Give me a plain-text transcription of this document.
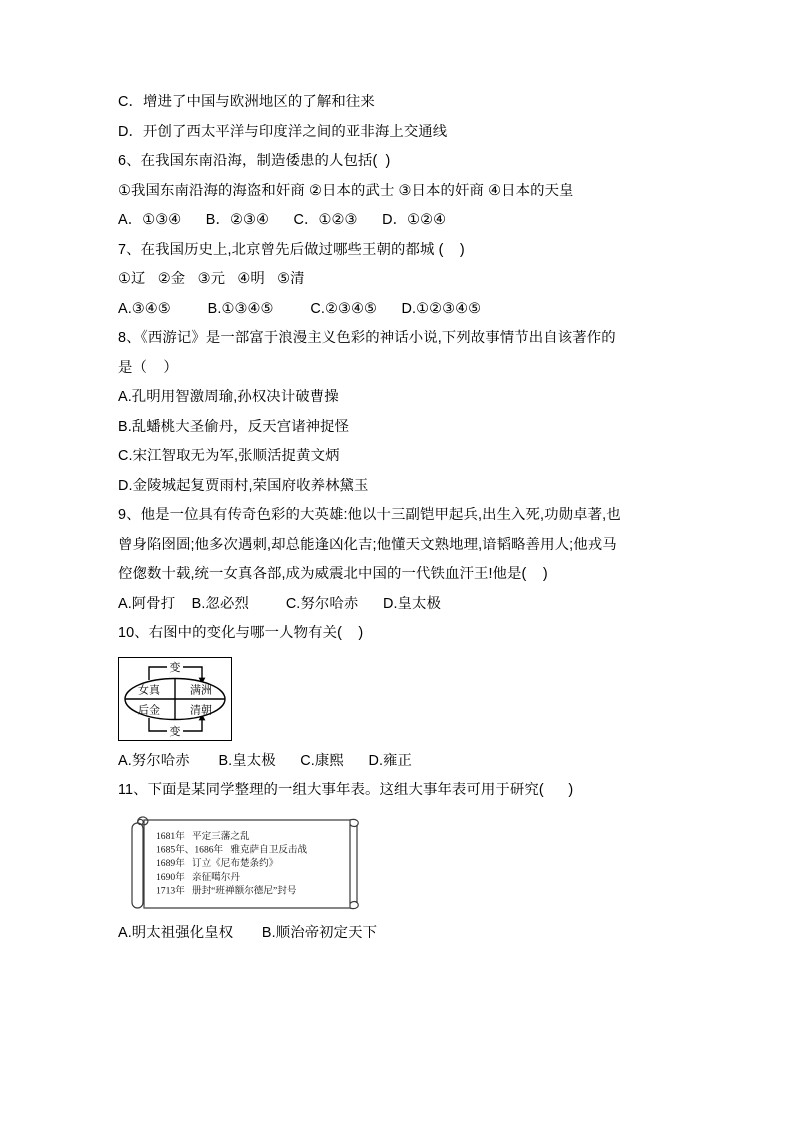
C．增进了中国与欧洲地区的了解和往来
D．开创了西太平洋与印度洋之间的亚非海上交通线
6、在我国东南沿海，制造倭患的人包括(  )
①我国东南沿海的海盗和奸商 ②日本的武士 ③日本的奸商 ④日本的天皇
A．①③④      B．②③④      C．①②③      D．①②④
7、在我国历史上,北京曾先后做过哪些王朝的都城 (    )
①辽   ②金   ③元   ④明   ⑤清
A.③④⑤         B.①③④⑤         C.②③④⑤      D.①②③④⑤
8、《西游记》是一部富于浪漫主义色彩的神话小说,下列故事情节出自该著作的
是（    ）
A.孔明用智激周瑜,孙权决计破曹操
B.乱蟠桃大圣偷丹，反天宫诸神捉怪
C.宋江智取无为军,张顺活捉黄文炳
D.金陵城起复贾雨村,荣国府收养林黛玉
9、他是一位具有传奇色彩的大英雄:他以十三副铠甲起兵,出生入死,功勋卓著,也
曾身陷囹圄;他多次遇刺,却总能逢凶化吉;他懂天文熟地理,谙韬略善用人;他戎马
倥偬数十载,统一女真各部,成为威震北中国的一代铁血汗王!他是(    )
A.阿骨打    B.忽必烈         C.努尔哈赤      D.皇太极
10、右图中的变化与哪一人物有关(    )
女真	满洲
后金	清朝
变
变
A.努尔哈赤       B.皇太极      C.康熙      D.雍正
11、下面是某同学整理的一组大事年表。这组大事年表可用于研究(      )
1681年   平定三藩之乱
1685年、1686年   雅克萨自卫反击战
1689年   订立《尼布楚条约》
1690年   亲征噶尔丹
1713年   册封“班禅额尔德尼”封号
A.明太祖强化皇权       B.顺治帝初定天下
